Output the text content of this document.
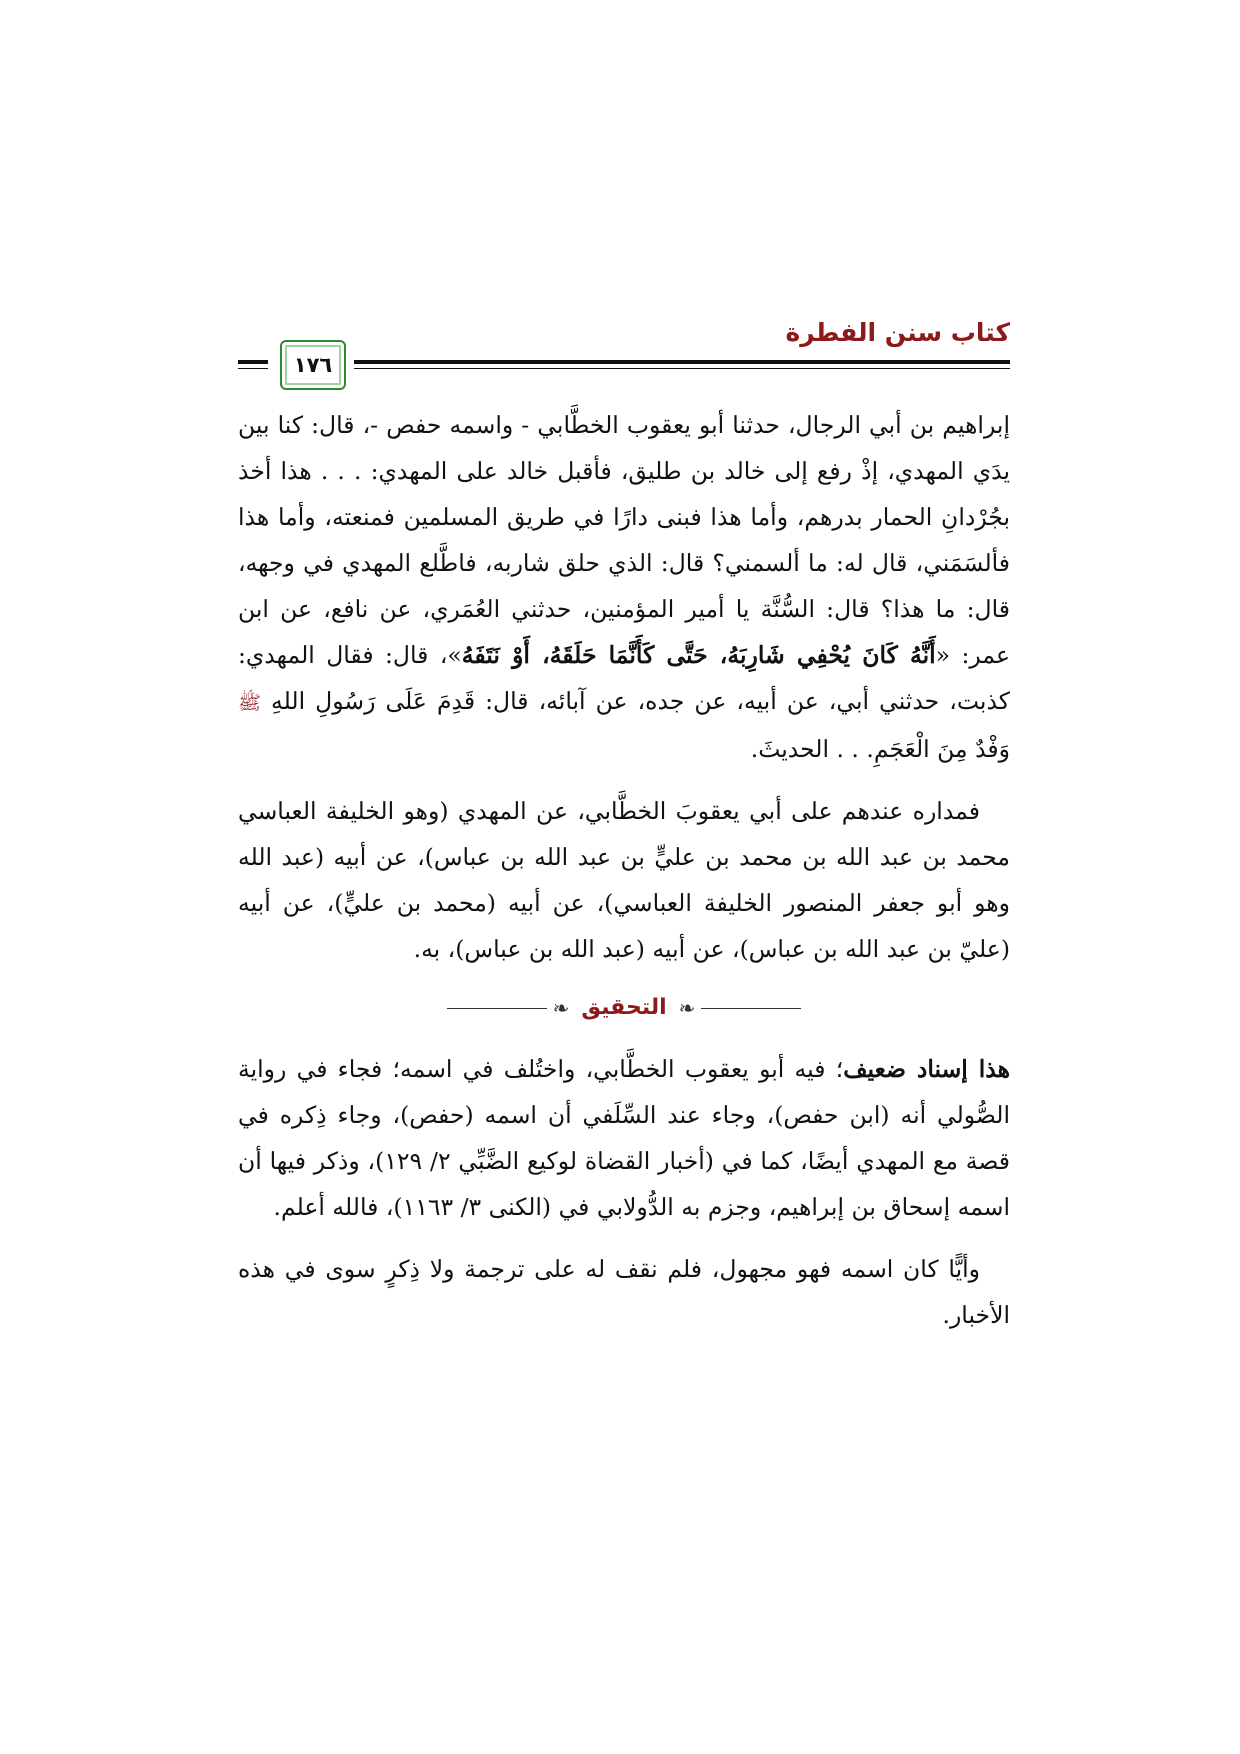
١٧٦
كتاب سنن الفطرة

إبراهيم بن أبي الرجال، حدثنا أبو يعقوب الخطَّابي - واسمه حفص -، قال: كنا بين يدَي المهدي، إذْ رفع إلى خالد بن طليق، فأقبل خالد على المهدي: . . . هذا أخذ بجُرْدانِ الحمار بدرهم، وأما هذا فبنى دارًا في طريق المسلمين فمنعته، وأما هذا فألسَمَني، قال له: ما ألسمني؟ قال: الذي حلق شاربه، فاطَّلع المهدي في وجهه، قال: ما هذا؟ قال: السُّنَّة يا أمير المؤمنين، حدثني العُمَري، عن نافع، عن ابن عمر: «أَنَّهُ كَانَ يُحْفِي شَارِبَهُ، حَتَّى كَأَنَّمَا حَلَقَهُ، أَوْ نَتَفَهُ»، قال: فقال المهدي: كذبت، حدثني أبي، عن أبيه، عن جده، عن آبائه، قال: قَدِمَ عَلَى رَسُولِ اللهِ ﷺ وَفْدٌ مِنَ الْعَجَمِ. . . الحديثَ.

فمداره عندهم على أبي يعقوبَ الخطَّابي، عن المهدي (وهو الخليفة العباسي محمد بن عبد الله بن محمد بن عليٍّ بن عبد الله بن عباس)، عن أبيه (عبد الله وهو أبو جعفر المنصور الخليفة العباسي)، عن أبيه (محمد بن عليٍّ)، عن أبيه (عليّ بن عبد الله بن عباس)، عن أبيه (عبد الله بن عباس)، به.

❧
التحقيق
❧

هذا إسناد ضعيف؛ فيه أبو يعقوب الخطَّابي، واختُلف في اسمه؛ فجاء في رواية الصُّولي أنه (ابن حفص)، وجاء عند السِّلَفي أن اسمه (حفص)، وجاء ذِكره في قصة مع المهدي أيضًا، كما في (أخبار القضاة لوكيع الضَّبِّي ٢/ ١٢٩)، وذكر فيها أن اسمه إسحاق بن إبراهيم، وجزم به الدُّولابي في (الكنى ٣/ ١١٦٣)، فالله أعلم.

وأيًّا كان اسمه فهو مجهول، فلم نقف له على ترجمة ولا ذِكرٍ سوى في هذه الأخبار.
